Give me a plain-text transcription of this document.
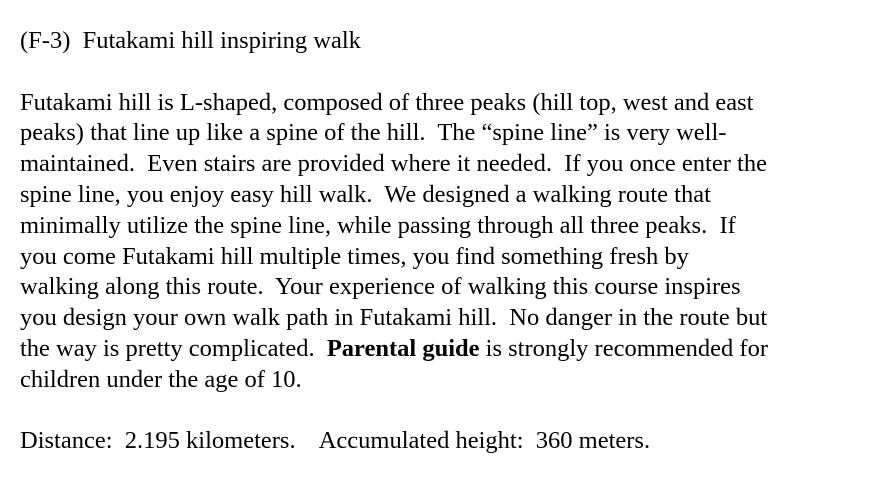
(F-3)  Futakami hill inspiring walk

Futakami hill is L-shaped, composed of three peaks (hill top, west and east
peaks) that line up like a spine of the hill.  The “spine line” is very well-
maintained.  Even stairs are provided where it needed.  If you once enter the
spine line, you enjoy easy hill walk.  We designed a walking route that
minimally utilize the spine line, while passing through all three peaks.  If
you come Futakami hill multiple times, you find something fresh by
walking along this route.  Your experience of walking this course inspires
you design your own walk path in Futakami hill.  No danger in the route but
the way is pretty complicated.  Parental guide is strongly recommended for
children under the age of 10.

Distance:  2.195 kilometers. Accumulated height:  360 meters.
